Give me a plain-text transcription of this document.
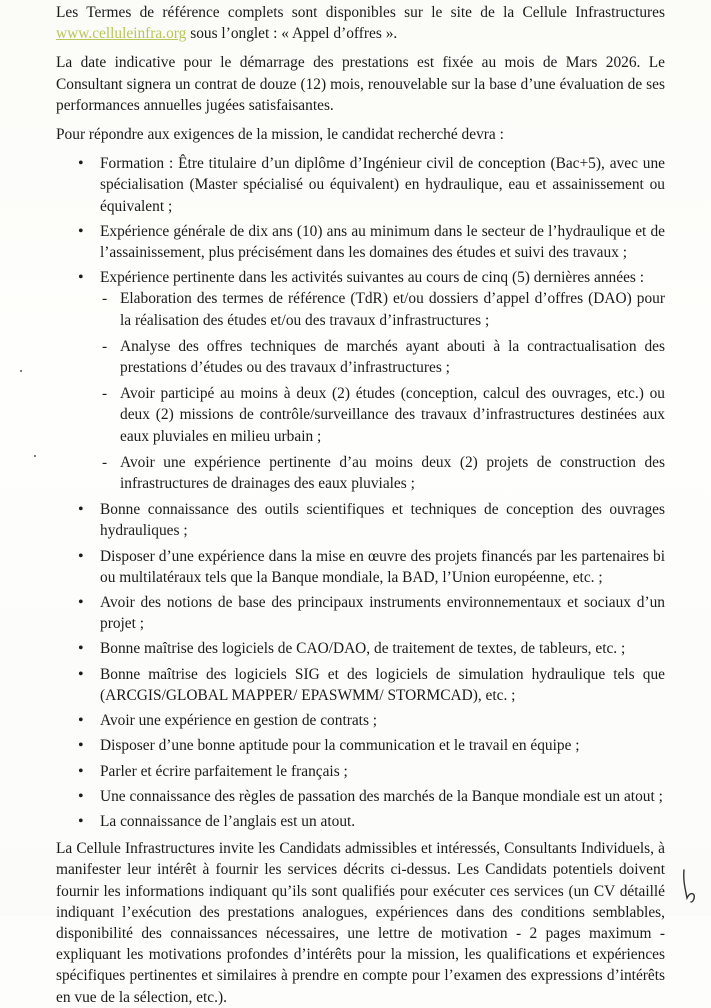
Les Termes de référence complets sont disponibles sur le site de la Cellule Infrastructures www.celluleinfra.org sous l’onglet : « Appel d’offres ».

La date indicative pour le démarrage des prestations est fixée au mois de Mars 2026. Le Consultant signera un contrat de douze (12) mois, renouvelable sur la base d’une évaluation de ses performances annuelles jugées satisfaisantes.

Pour répondre aux exigences de la mission, le candidat recherché devra :

• Formation : Être titulaire d’un diplôme d’Ingénieur civil de conception (Bac+5), avec une spécialisation (Master spécialisé ou équivalent) en hydraulique, eau et assainissement ou équivalent ;
• Expérience générale de dix ans (10) ans au minimum dans le secteur de l’hydraulique et de l’assainissement, plus précisément dans les domaines des études et suivi des travaux ;
• Expérience pertinente dans les activités suivantes au cours de cinq (5) dernières années :
- Elaboration des termes de référence (TdR) et/ou dossiers d’appel d’offres (DAO) pour la réalisation des études et/ou des travaux d’infrastructures ;
- Analyse des offres techniques de marchés ayant abouti à la contractualisation des prestations d’études ou des travaux d’infrastructures ;
- Avoir participé au moins à deux (2) études (conception, calcul des ouvrages, etc.) ou deux (2) missions de contrôle/surveillance des travaux d’infrastructures destinées aux eaux pluviales en milieu urbain ;
- Avoir une expérience pertinente d’au moins deux (2) projets de construction des infrastructures de drainages des eaux pluviales ;
• Bonne connaissance des outils scientifiques et techniques de conception des ouvrages hydrauliques ;
• Disposer d’une expérience dans la mise en œuvre des projets financés par les partenaires bi ou multilatéraux tels que la Banque mondiale, la BAD, l’Union européenne, etc. ;
• Avoir des notions de base des principaux instruments environnementaux et sociaux d’un projet ;
• Bonne maîtrise des logiciels de CAO/DAO, de traitement de textes, de tableurs, etc. ;
• Bonne maîtrise des logiciels SIG et des logiciels de simulation hydraulique tels que (ARCGIS/GLOBAL MAPPER/ EPASWMM/ STORMCAD), etc. ;
• Avoir une expérience en gestion de contrats ;
• Disposer d’une bonne aptitude pour la communication et le travail en équipe ;
• Parler et écrire parfaitement le français ;
• Une connaissance des règles de passation des marchés de la Banque mondiale est un atout ;
• La connaissance de l’anglais est un atout.

La Cellule Infrastructures invite les Candidats admissibles et intéressés, Consultants Individuels, à manifester leur intérêt à fournir les services décrits ci-dessus. Les Candidats potentiels doivent fournir les informations indiquant qu’ils sont qualifiés pour exécuter ces services (un CV détaillé indiquant l’exécution des prestations analogues, expériences dans des conditions semblables, disponibilité des connaissances nécessaires, une lettre de motivation - 2 pages maximum - expliquant les motivations profondes d’intérêts pour la mission, les qualifications et expériences spécifiques pertinentes et similaires à prendre en compte pour l’examen des expressions d’intérêts en vue de la sélection, etc.).
